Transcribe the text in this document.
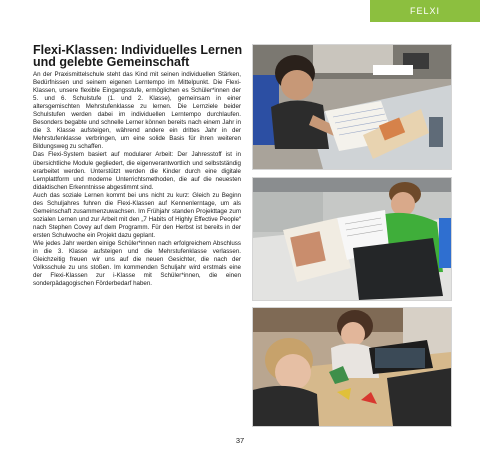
FELXI
Flexi-Klassen: Individuelles Lernen und gelebte Gemeinschaft

An der Praxismittelschule steht das Kind mit seinen individuellen Stärken, Bedürfnissen und seinem eigenen Lerntempo im Mittelpunkt. Die Flexi-Klassen, unsere flexible Eingangsstufe, ermöglichen es Schüler*innen der 5. und 6. Schulstufe (1. und 2. Klasse), gemeinsam in einer altersgemischten Mehrstufenklasse zu lernen. Die Lernziele beider Schulstufen werden dabei im individuellen Lerntempo durchlaufen. Besonders begabte und schnelle Lerner können bereits nach einem Jahr in die 3. Klasse aufsteigen, während andere ein drittes Jahr in der Mehrstufenklasse verbringen, um eine solide Basis für ihren weiteren Bildungsweg zu schaffen.

Das Flexi-System basiert auf modularer Arbeit: Der Jahresstoff ist in übersichtliche Module gegliedert, die eigenverantwortlich und selbstständig erarbeitet werden. Unterstützt werden die Kinder durch eine digitale Lernplattform und moderne Unterrichtsmethoden, die auf die neuesten didaktischen Erkenntnisse abgestimmt sind.

Auch das soziale Lernen kommt bei uns nicht zu kurz: Gleich zu Beginn des Schuljahres fuhren die Flexi-Klassen auf Kennenlerntage, um als Gemeinschaft zusammenzuwachsen. Im Frühjahr standen Projekttage zum sozialen Lernen und zur Arbeit mit den „7 Habits of Highly Effective People“ nach Stephen Covey auf dem Programm. Für den Herbst ist bereits in der ersten Schulwoche ein Projekt dazu geplant.

Wie jedes Jahr werden einige Schüler*innen nach erfolgreichem Abschluss in die 3. Klasse aufsteigen und die Mehrstufenklasse verlassen. Gleichzeitig freuen wir uns auf die neuen Gesichter, die nach der Volksschule zu uns stoßen. Im kommenden Schuljahr wird erstmals eine der Flexi-Klassen zur i-Klasse mit Schüler*innen, die einen sonderpädagogischen Förderbedarf haben.

37
